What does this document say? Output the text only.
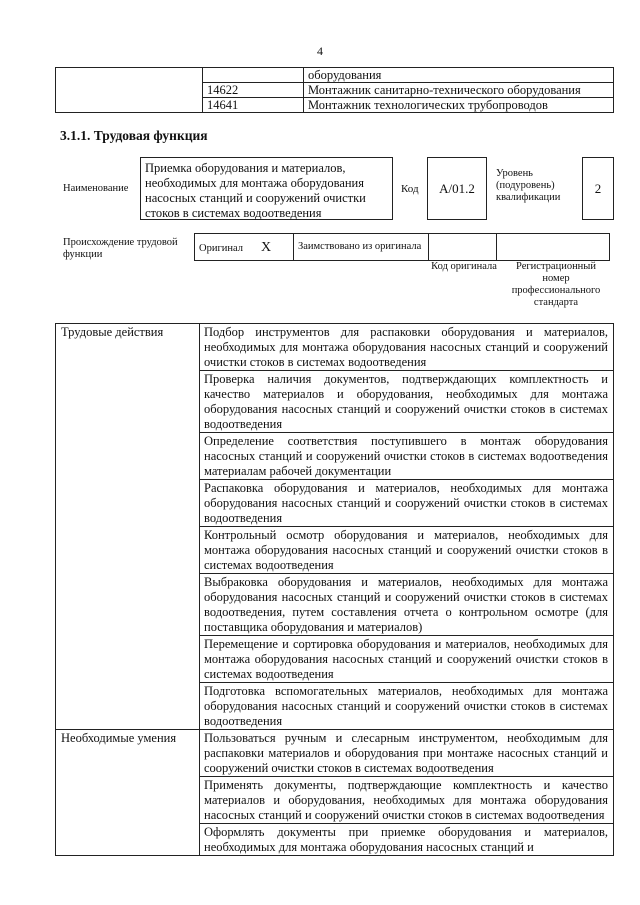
4
		оборудования
	14622	Монтажник санитарно-технического оборудования
	14641	Монтажник технологических трубопроводов
3.1.1. Трудовая функция
Наименование
Приемка оборудования и материалов, необходимых для монтажа оборудования насосных станций и сооружений очистки стоков в системах водоотведения
Код	A/01.2
Уровень (подуровень) квалификации
2
Происхождение трудовой функции
Оригинал X	Заимствовано из оригинала		
Код оригинала	Регистрационный номер профессионального стандарта
Трудовые действия	Подбор инструментов для распаковки оборудования и материалов, необходимых для монтажа оборудования насосных станций и сооружений очистки стоков в системах водоотведения
	Проверка наличия документов, подтверждающих комплектность и качество материалов и оборудования, необходимых для монтажа оборудования насосных станций и сооружений очистки стоков в системах водоотведения
	Определение соответствия поступившего в монтаж оборудования насосных станций и сооружений очистки стоков в системах водоотведения материалам рабочей документации
	Распаковка оборудования и материалов, необходимых для монтажа оборудования насосных станций и сооружений очистки стоков в системах водоотведения
	Контрольный осмотр оборудования и материалов, необходимых для монтажа оборудования насосных станций и сооружений очистки стоков в системах водоотведения
	Выбраковка оборудования и материалов, необходимых для монтажа оборудования насосных станций и сооружений очистки стоков в системах водоотведения, путем составления отчета о контрольном осмотре (для поставщика оборудования и материалов)
	Перемещение и сортировка оборудования и материалов, необходимых для монтажа оборудования насосных станций и сооружений очистки стоков в системах водоотведения
	Подготовка вспомогательных материалов, необходимых для монтажа оборудования насосных станций и сооружений очистки стоков в системах водоотведения
Необходимые умения	Пользоваться ручным и слесарным инструментом, необходимым для распаковки материалов и оборудования при монтаже насосных станций и сооружений очистки стоков в системах водоотведения
	Применять документы, подтверждающие комплектность и качество материалов и оборудования, необходимых для монтажа оборудования насосных станций и сооружений очистки стоков в системах водоотведения
	Оформлять документы при приемке оборудования и материалов, необходимых для монтажа оборудования насосных станций и
